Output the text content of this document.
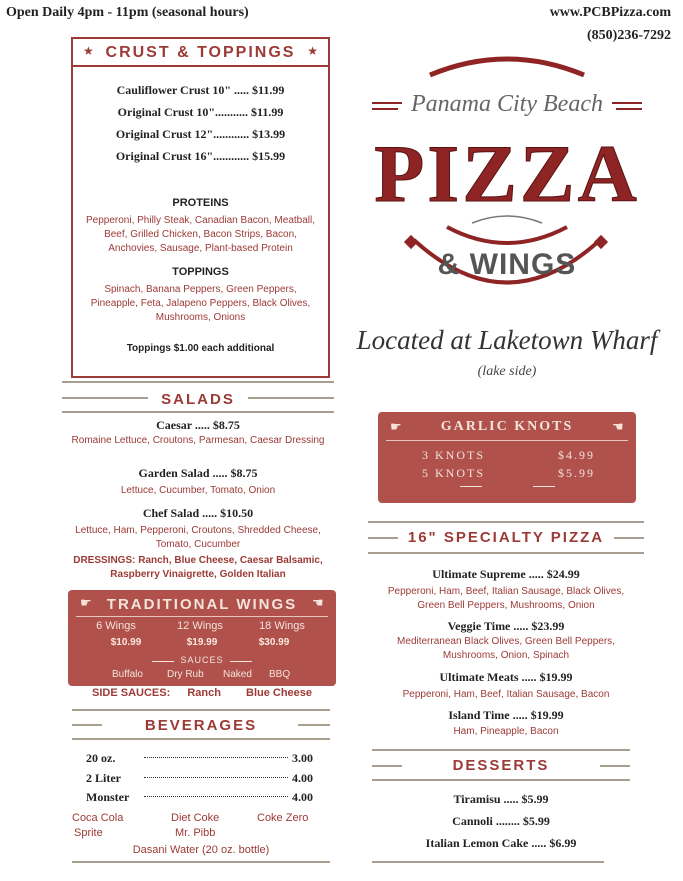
Open Daily 4pm - 11pm (seasonal hours)	www.PCBPizza.com
(850)236-7292
★ CRUST & TOPPINGS ★
Cauliflower Crust 10" ..... $11.99
Original Crust 10"........... $11.99
Original Crust 12"............ $13.99
Original Crust 16"............ $15.99
PROTEINS
Pepperoni, Philly Steak, Canadian Bacon, Meatball, Beef, Grilled Chicken, Bacon Strips, Bacon, Anchovies, Sausage, Plant-based Protein
TOPPINGS
Spinach, Banana Peppers, Green Peppers, Pineapple, Feta, Jalapeno Peppers, Black Olives, Mushrooms, Onions
Toppings $1.00 each additional
Panama City Beach
PIZZA
& WINGS
Located at Laketown Wharf
(lake side)
SALADS
Caesar ..... $8.75
Romaine Lettuce, Croutons, Parmesan, Caesar Dressing
Garden Salad ..... $8.75
Lettuce, Cucumber, Tomato, Onion
Chef Salad ..... $10.50
Lettuce, Ham, Pepperoni, Croutons, Shredded Cheese, Tomato, Cucumber
DRESSINGS: Ranch, Blue Cheese, Caesar Balsamic, Raspberry Vinaigrette, Golden Italian
☛	TRADITIONAL WINGS	☛
6 Wings	12 Wings	18 Wings
$10.99	$19.99	$30.99
SAUCES
Buffalo Dry Rub Naked BBQ
SIDE SAUCES: Ranch Blue Cheese
BEVERAGES
20 oz.	3.00
2 Liter	4.00
Monster	4.00
Coca Cola	Diet Coke	Coke Zero
Sprite	Mr. Pibb
Dasani Water (20 oz. bottle)
☛	GARLIC KNOTS	☛
3 KNOTS	$4.99
5 KNOTS	$5.99
16" SPECIALTY PIZZA
Ultimate Supreme ..... $24.99
Pepperoni, Ham, Beef, Italian Sausage, Black Olives, Green Bell Peppers, Mushrooms, Onion
Veggie Time ..... $23.99
Mediterranean Black Olives, Green Bell Peppers, Mushrooms, Onion, Spinach
Ultimate Meats ..... $19.99
Pepperoni, Ham, Beef, Italian Sausage, Bacon
Island Time ..... $19.99
Ham, Pineapple, Bacon
DESSERTS
Tiramisu ..... $5.99
Cannoli ........ $5.99
Italian Lemon Cake ..... $6.99
